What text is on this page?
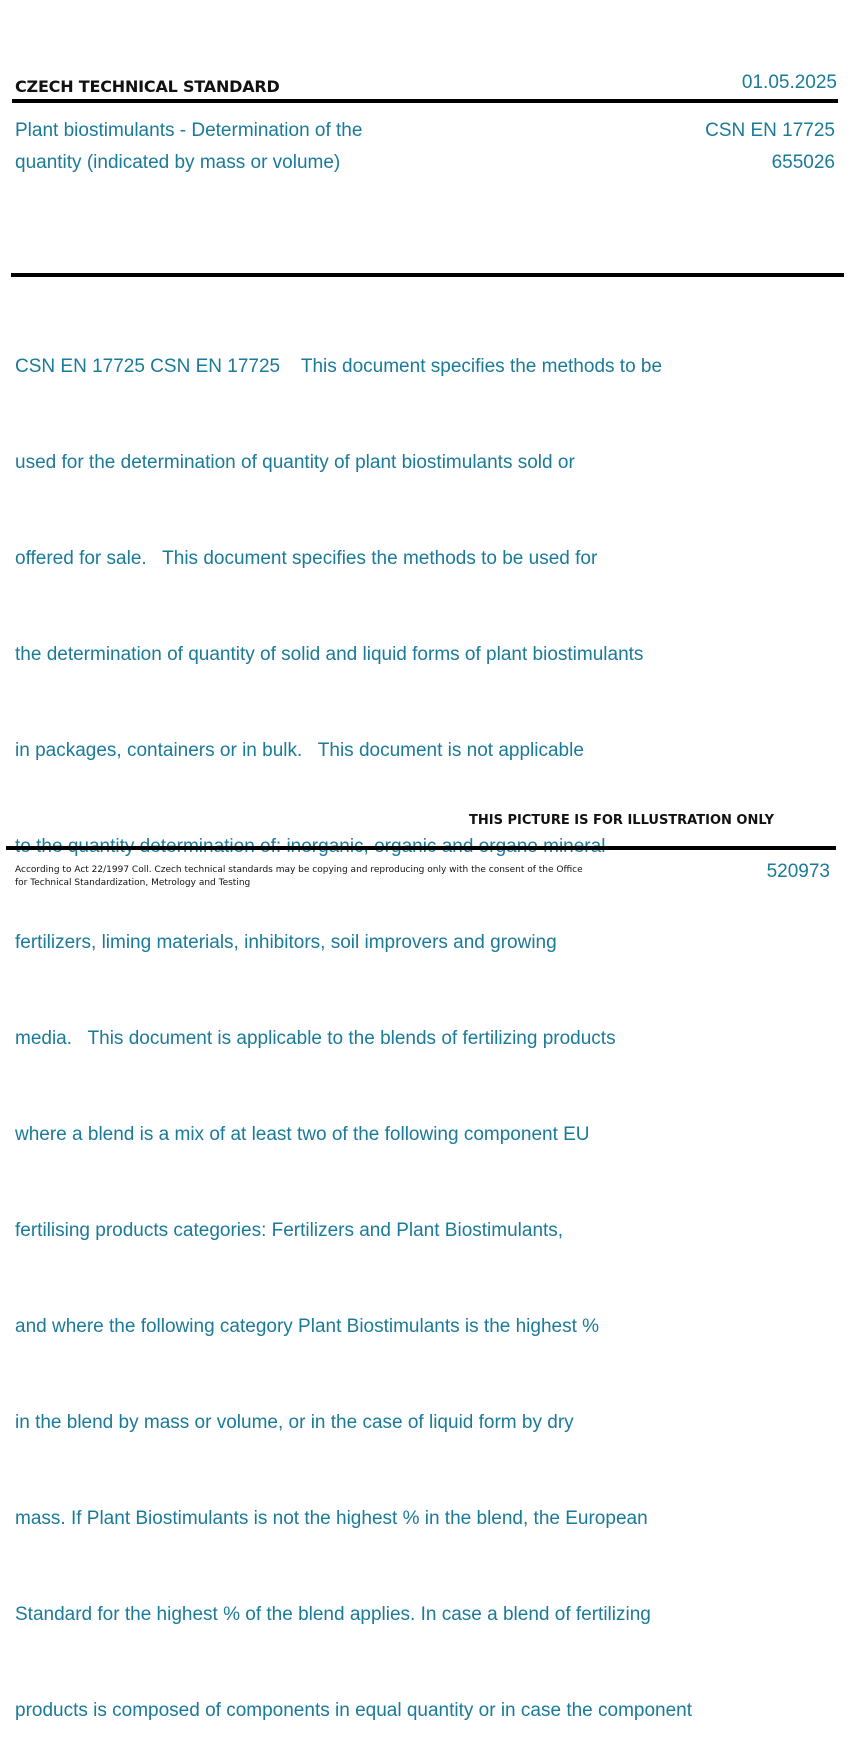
CZECH TECHNICAL STANDARD	01.05.2025
Plant biostimulants - Determination of the
quantity (indicated by mass or volume)
CSN EN 17725
655026

CSN EN 17725 CSN EN 17725    This document specifies the methods to be

used for the determination of quantity of plant biostimulants sold or

offered for sale.   This document specifies the methods to be used for

the determination of quantity of solid and liquid forms of plant biostimulants

in packages, containers or in bulk.   This document is not applicable

fertilizers, liming materials, inhibitors, soil improvers and growing

media.   This document is applicable to the blends of fertilizing products

where a blend is a mix of at least two of the following component EU

fertilising products categories: Fertilizers and Plant Biostimulants,

and where the following category Plant Biostimulants is the highest %

in the blend by mass or volume, or in the case of liquid form by dry

mass. If Plant Biostimulants is not the highest % in the blend, the European

Standard for the highest % of the blend applies. In case a blend of fertilizing

products is composed of components in equal quantity or in case the component

THIS PICTURE IS FOR ILLUSTRATION ONLY
According to Act 22/1997 Coll. Czech technical standards may be copying and reproducing only with the consent of the Office
for Technical Standardization, Metrology and Testing
520973
